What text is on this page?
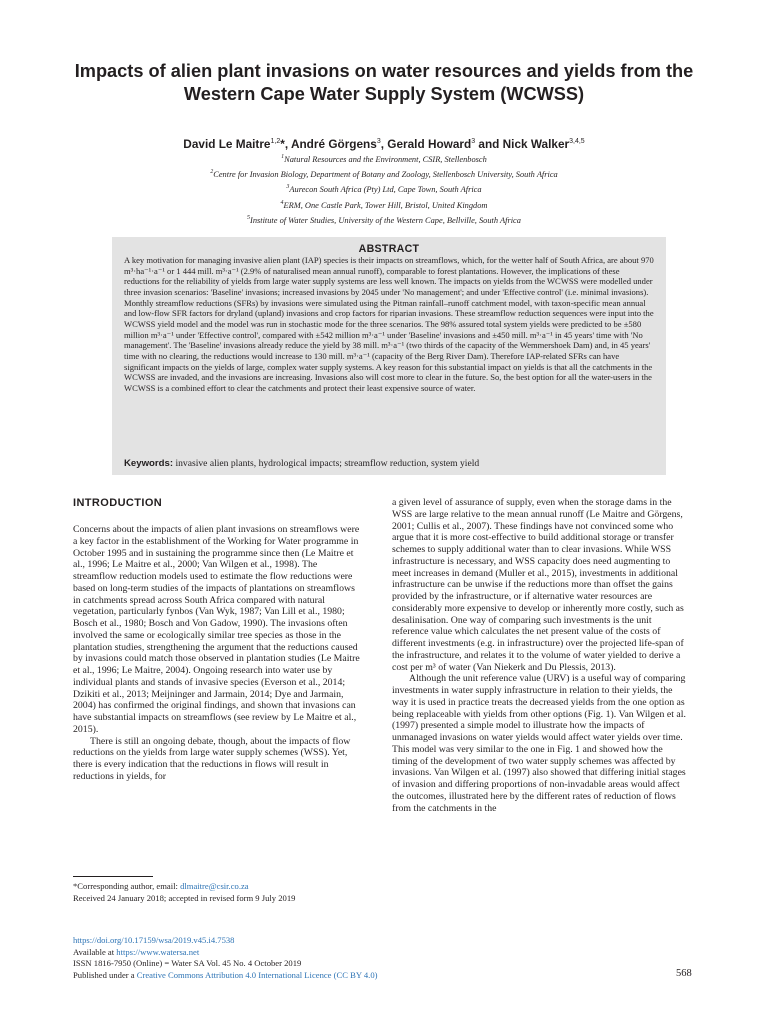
Impacts of alien plant invasions on water resources and yields from the Western Cape Water Supply System (WCWSS)

David Le Maitre$^{1,2}$*, André Görgens$^3$, Gerald Howard$^3$ and Nick Walker$^{3,4,5}$

$^1$Natural Resources and the Environment, CSIR, Stellenbosch
$^2$Centre for Invasion Biology, Department of Botany and Zoology, Stellenbosch University, South Africa
$^3$Aurecon South Africa (Pty) Ltd, Cape Town, South Africa
$^4$ERM, One Castle Park, Tower Hill, Bristol, United Kingdom
$^5$Institute of Water Studies, University of the Western Cape, Bellville, South Africa
ABSTRACT
A key motivation for managing invasive alien plant (IAP) species is their impacts on streamflows, which, for the wetter half of South Africa, are about 970 m³·ha⁻¹·a⁻¹ or 1 444 mill. m³·a⁻¹ (2.9% of naturalised mean annual runoff), comparable to forest plantations. However, the implications of these reductions for the reliability of yields from large water supply systems are less well known. The impacts on yields from the WCWSS were modelled under three invasion scenarios: 'Baseline' invasions; increased invasions by 2045 under 'No management'; and under 'Effective control' (i.e. minimal invasions). Monthly streamflow reductions (SFRs) by invasions were simulated using the Pitman rainfall–runoff catchment model, with taxon-specific mean annual and low-flow SFR factors for dryland (upland) invasions and crop factors for riparian invasions. These streamflow reduction sequences were input into the WCWSS yield model and the model was run in stochastic mode for the three scenarios. The 98% assured total system yields were predicted to be ±580 million m³·a⁻¹ under 'Effective control', compared with ±542 million m³·a⁻¹ under 'Baseline' invasions and ±450 mill. m³·a⁻¹ in 45 years' time with 'No management'. The 'Baseline' invasions already reduce the yield by 38 mill. m³·a⁻¹ (two thirds of the capacity of the Wemmershoek Dam) and, in 45 years' time with no clearing, the reductions would increase to 130 mill. m³·a⁻¹ (capacity of the Berg River Dam). Therefore IAP-related SFRs can have significant impacts on the yields of large, complex water supply systems. A key reason for this substantial impact on yields is that all the catchments in the WCWSS are invaded, and the invasions are increasing. Invasions also will cost more to clear in the future. So, the best option for all the water-users in the WCWSS is a combined effort to clear the catchments and protect their least expensive source of water.
Keywords: invasive alien plants, hydrological impacts; streamflow reduction, system yield
INTRODUCTION

Concerns about the impacts of alien plant invasions on streamflows were a key factor in the establishment of the Working for Water programme in October 1995 and in sustaining the programme since then (Le Maitre et al., 1996; Le Maitre et al., 2000; Van Wilgen et al., 1998). The streamflow reduction models used to estimate the flow reductions were based on long-term studies of the impacts of plantations on streamflows in catchments spread across South Africa compared with natural vegetation, particularly fynbos (Van Wyk, 1987; Van Lill et al., 1980; Bosch et al., 1980; Bosch and Von Gadow, 1990). The invasions often involved the same or ecologically similar tree species as those in the plantation studies, strengthening the argument that the reductions caused by invasions could match those observed in plantation studies (Le Maitre et al., 1996; Le Maitre, 2004). Ongoing research into water use by individual plants and stands of invasive species (Everson et al., 2014; Dzikiti et al., 2013; Meijninger and Jarmain, 2014; Dye and Jarmain, 2004) has confirmed the original findings, and shown that invasions can have substantial impacts on streamflows (see review by Le Maitre et al., 2015).

There is still an ongoing debate, though, about the impacts of flow reductions on the yields from large water supply schemes (WSS). Yet, there is every indication that the reductions in flows will result in reductions in yields, for

a given level of assurance of supply, even when the storage dams in the WSS are large relative to the mean annual runoff (Le Maitre and Görgens, 2001; Cullis et al., 2007). These findings have not convinced some who argue that it is more cost-effective to build additional storage or transfer schemes to supply additional water than to clear invasions. While WSS infrastructure is necessary, and WSS capacity does need augmenting to meet increases in demand (Muller et al., 2015), investments in additional infrastructure can be unwise if the reductions more than offset the gains provided by the infrastructure, or if alternative water resources are considerably more expensive to develop or inherently more costly, such as desalinisation. One way of comparing such investments is the unit reference value which calculates the net present value of the costs of different investments (e.g. in infrastructure) over the projected life-span of the infrastructure, and relates it to the volume of water yielded to derive a cost per m³ of water (Van Niekerk and Du Plessis, 2013).

Although the unit reference value (URV) is a useful way of comparing investments in water supply infrastructure in relation to their yields, the way it is used in practice treats the decreased yields from the one option as being replaceable with yields from other options (Fig. 1). Van Wilgen et al. (1997) presented a simple model to illustrate how the impacts of unmanaged invasions on water yields would affect water yields over time. This model was very similar to the one in Fig. 1 and showed how the timing of the development of two water supply schemes was affected by invasions. Van Wilgen et al. (1997) also showed that differing initial stages of invasion and differing proportions of non-invadable areas would affect the outcomes, illustrated here by the different rates of reduction of flows from the catchments in the

*Corresponding author, email: dlmaitre@csir.co.za
Received 24 January 2018; accepted in revised form 9 July 2019
https://doi.org/10.17159/wsa/2019.v45.i4.7538
Available at https://www.watersa.net
ISSN 1816-7950 (Online) = Water SA Vol. 45 No. 4 October 2019
Published under a Creative Commons Attribution 4.0 International Licence (CC BY 4.0)	568
